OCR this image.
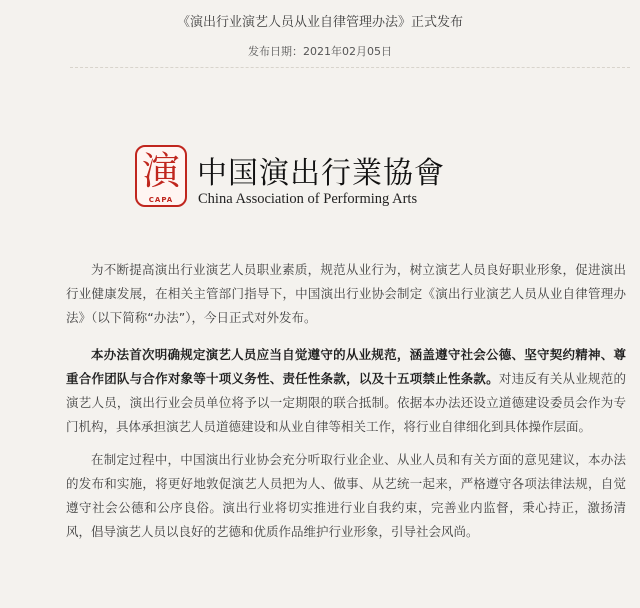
《演出行业演艺人员从业自律管理办法》正式发布
发布日期：2021年02月05日
演
CAPA
中国演出行業協會
China Association of Performing Arts

为不断提高演出行业演艺人员职业素质，规范从业行为，树立演艺人员良好职业形象，促进演出行业健康发展，在相关主管部门指导下，中国演出行业协会制定《演出行业演艺人员从业自律管理办法》（以下简称“办法”），今日正式对外发布。

本办法首次明确规定演艺人员应当自觉遵守的从业规范，涵盖遵守社会公德、坚守契约精神、尊重合作团队与合作对象等十项义务性、责任性条款，以及十五项禁止性条款。对违反有关从业规范的演艺人员，演出行业会员单位将予以一定期限的联合抵制。依据本办法还设立道德建设委员会作为专门机构，具体承担演艺人员道德建设和从业自律等相关工作，将行业自律细化到具体操作层面。

在制定过程中，中国演出行业协会充分听取行业企业、从业人员和有关方面的意见建议，本办法的发布和实施，将更好地敦促演艺人员把为人、做事、从艺统一起来，严格遵守各项法律法规，自觉遵守社会公德和公序良俗。演出行业将切实推进行业自我约束，完善业内监督，秉心持正，激扬清风，倡导演艺人员以良好的艺德和优质作品维护行业形象，引导社会风尚。
